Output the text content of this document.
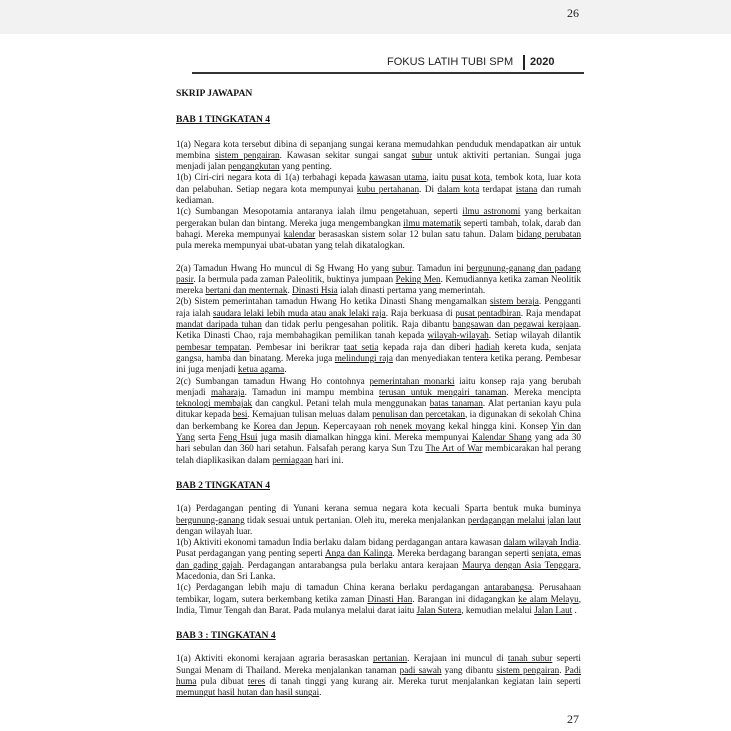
26
FOKUS LATIH TUBI SPM 2020
SKRIP JAWAPAN
BAB 1 TINGKATAN 4

1(a) Negara kota tersebut dibina di sepanjang sungai kerana memudahkan penduduk mendapatkan air untuk membina sistem pengairan. Kawasan sekitar sungai sangat subur untuk aktiviti pertanian. Sungai juga menjadi jalan pengangkutan yang penting.

1(b) Ciri-ciri negara kota di 1(a) terbahagi kepada kawasan utama, iaitu pusat kota, tembok kota, luar kota dan pelabuhan. Setiap negara kota mempunyai kubu pertahanan. Di dalam kota terdapat istana dan rumah kediaman.

1(c) Sumbangan Mesopotamia antaranya ialah ilmu pengetahuan, seperti ilmu astronomi yang berkaitan pergerakan bulan dan bintang. Mereka juga mengembangkan ilmu matematik seperti tambah, tolak, darab dan bahagi. Mereka mempunyai kalendar berasaskan sistem solar 12 bulan satu tahun. Dalam bidang perubatan pula mereka mempunyai ubat-ubatan yang telah dikatalogkan.

2(a) Tamadun Hwang Ho muncul di Sg Hwang Ho yang subur. Tamadun ini bergunung-ganang dan padang pasir. Ia bermula pada zaman Paleolitik, buktinya jumpaan Peking Men. Kemudiannya ketika zaman Neolitik mereka bertani dan menternak. Dinasti Hsia ialah dinasti pertama yang memerintah.

2(b) Sistem pemerintahan tamadun Hwang Ho ketika Dinasti Shang mengamalkan sistem beraja. Pengganti raja ialah saudara lelaki lebih muda atau anak lelaki raja. Raja berkuasa di pusat pentadbiran. Raja mendapat mandat daripada tuhan dan tidak perlu pengesahan politik. Raja dibantu bangsawan dan pegawai kerajaan. Ketika Dinasti Chao, raja membahagikan pemilikan tanah kepada wilayah-wilayah. Setiap wilayah dilantik pembesar tempatan. Pembesar ini berikrar taat setia kepada raja dan diberi hadiah kereta kuda, senjata gangsa, hamba dan binatang. Mereka juga melindungi raja dan menyediakan tentera ketika perang. Pembesar ini juga menjadi ketua agama.

2(c) Sumbangan tamadun Hwang Ho contohnya pemerintahan monarki iaitu konsep raja yang berubah menjadi maharaja. Tamadun ini mampu membina terusan untuk mengairi tanaman. Mereka mencipta teknologi membajak dan cangkul. Petani telah mula menggunakan batas tanaman. Alat pertanian kayu pula ditukar kepada besi. Kemajuan tulisan meluas dalam penulisan dan percetakan, ia digunakan di sekolah China dan berkembang ke Korea dan Jepun. Kepercayaan roh nenek moyang kekal hingga kini. Konsep Yin dan Yang serta Feng Hsui juga masih diamalkan hingga kini. Mereka mempunyai Kalendar Shang yang ada 30 hari sebulan dan 360 hari setahun. Falsafah perang karya Sun Tzu The Art of War membicarakan hal perang telah diaplikasikan dalam perniagaan hari ini.

BAB 2 TINGKATAN 4

1(a) Perdagangan penting di Yunani kerana semua negara kota kecuali Sparta bentuk muka buminya bergunung-ganang tidak sesuai untuk pertanian. Oleh itu, mereka menjalankan perdagangan melalui jalan laut dengan wilayah luar.

1(b) Aktiviti ekonomi tamadun India berlaku dalam bidang perdagangan antara kawasan dalam wilayah India. Pusat perdagangan yang penting seperti Anga dan Kalinga. Mereka berdagang barangan seperti senjata, emas dan gading gajah. Perdagangan antarabangsa pula berlaku antara kerajaan Maurya dengan Asia Tenggara, Macedonia, dan Sri Lanka.

1(c) Perdagangan lebih maju di tamadun China kerana berlaku perdagangan antarabangsa. Perusahaan tembikar, logam, sutera berkembang ketika zaman Dinasti Han. Barangan ini didagangkan ke alam Melayu, India, Timur Tengah dan Barat. Pada mulanya melalui darat iaitu Jalan Sutera, kemudian melalui Jalan Laut .

BAB 3 : TINGKATAN 4

1(a) Aktiviti ekonomi kerajaan agraria berasaskan pertanian. Kerajaan ini muncul di tanah subur seperti Sungai Menam di Thailand. Mereka menjalankan tanaman padi sawah yang dibantu sistem pengairan. Padi huma pula dibuat teres di tanah tinggi yang kurang air. Mereka turut menjalankan kegiatan lain seperti memungut hasil hutan dan hasil sungai.

27
